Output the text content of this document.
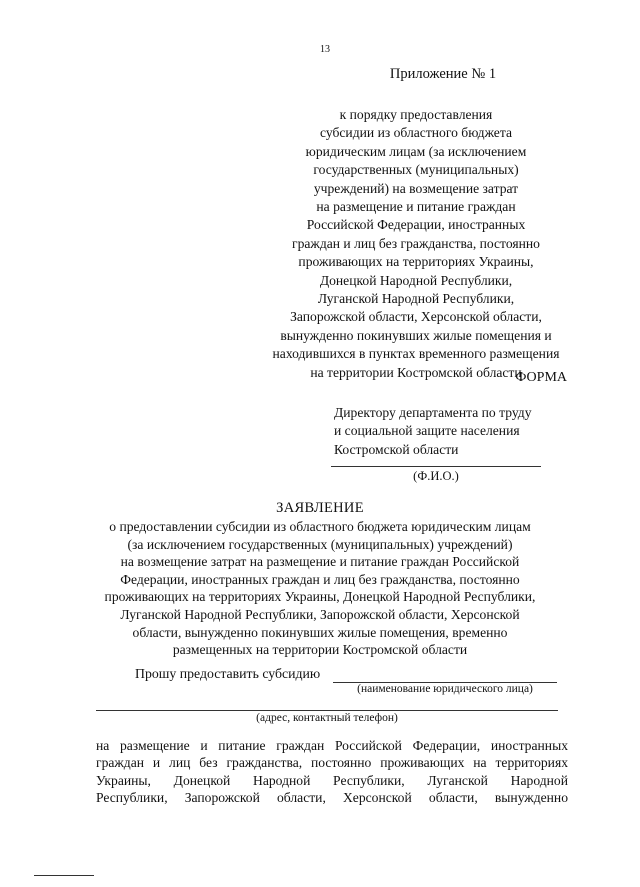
13
Приложение № 1
к порядку предоставления
субсидии из областного бюджета
юридическим лицам (за исключением
государственных (муниципальных)
учреждений) на возмещение затрат
на размещение и питание граждан
Российской Федерации, иностранных
граждан и лиц без гражданства, постоянно
проживающих на территориях Украины,
Донецкой Народной Республики,
Луганской Народной Республики,
Запорожской области, Херсонской области,
вынужденно покинувших жилые помещения и
находившихся в пунктах временного размещения
на территории Костромской области
ФОРМА
Директору департамента по труду
и социальной защите населения
Костромской области
(Ф.И.О.)
ЗАЯВЛЕНИЕ
о предоставлении субсидии из областного бюджета юридическим лицам
(за исключением государственных (муниципальных) учреждений)
на возмещение затрат на размещение и питание граждан Российской
Федерации, иностранных граждан и лиц без гражданства, постоянно
проживающих на территориях Украины, Донецкой Народной Республики,
Луганской Народной Республики, Запорожской области, Херсонской
области, вынужденно покинувших жилые помещения, временно
размещенных на территории Костромской области
Прошу предоставить субсидию
(наименование юридического лица)
(адрес, контактный телефон)
на размещение и питание граждан Российской Федерации, иностранных
граждан и лиц без гражданства, постоянно проживающих на территориях
Украины, Донецкой Народной Республики, Луганской Народной
Республики, Запорожской области, Херсонской области, вынужденно
